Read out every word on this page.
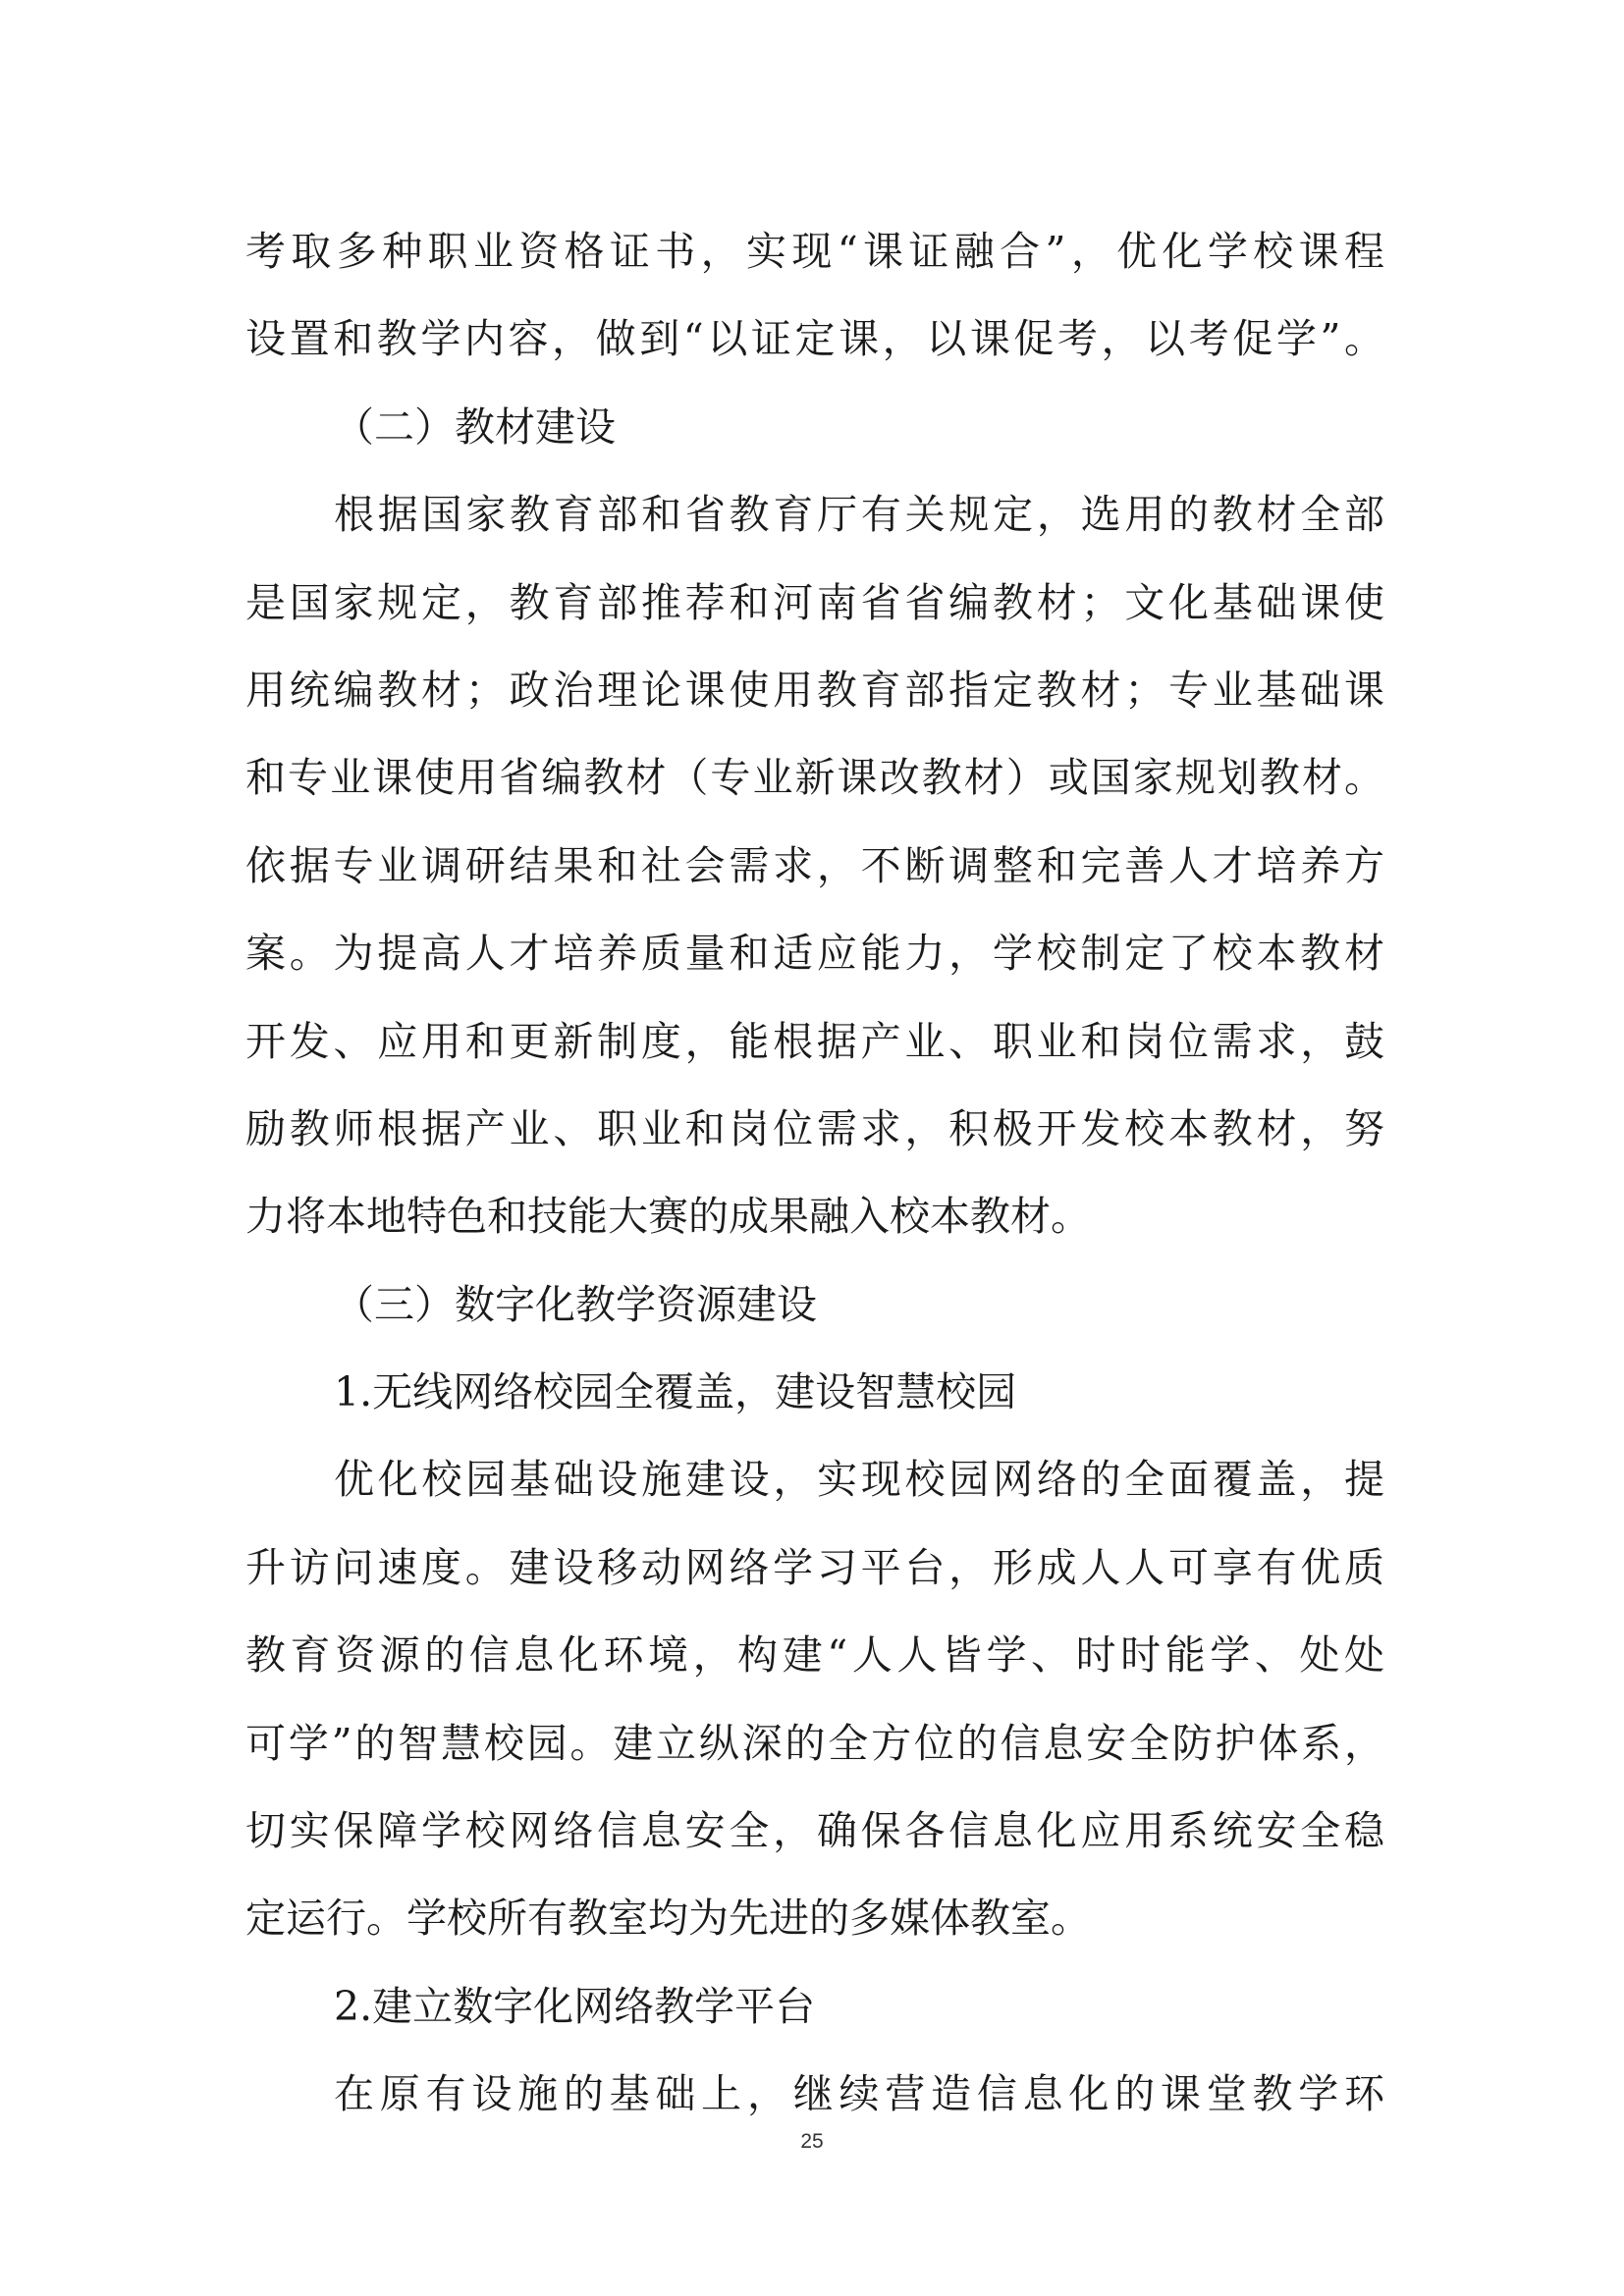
考取多种职业资格证书，实现“课证融合”，优化学校课程
设置和教学内容，做到“以证定课，以课促考，以考促学”。
（二）教材建设
根据国家教育部和省教育厅有关规定，选用的教材全部
是国家规定，教育部推荐和河南省省编教材；文化基础课使
用统编教材；政治理论课使用教育部指定教材；专业基础课
和专业课使用省编教材（专业新课改教材）或国家规划教材。
依据专业调研结果和社会需求，不断调整和完善人才培养方
案。为提高人才培养质量和适应能力，学校制定了校本教材
开发、应用和更新制度，能根据产业、职业和岗位需求，鼓
励教师根据产业、职业和岗位需求，积极开发校本教材，努
力将本地特色和技能大赛的成果融入校本教材。
（三）数字化教学资源建设
1.无线网络校园全覆盖，建设智慧校园
优化校园基础设施建设，实现校园网络的全面覆盖，提
升访问速度。建设移动网络学习平台，形成人人可享有优质
教育资源的信息化环境，构建“人人皆学、时时能学、处处
可学”的智慧校园。建立纵深的全方位的信息安全防护体系，
切实保障学校网络信息安全，确保各信息化应用系统安全稳
定运行。学校所有教室均为先进的多媒体教室。
2.建立数字化网络教学平台
在原有设施的基础上，继续营造信息化的课堂教学环
25
